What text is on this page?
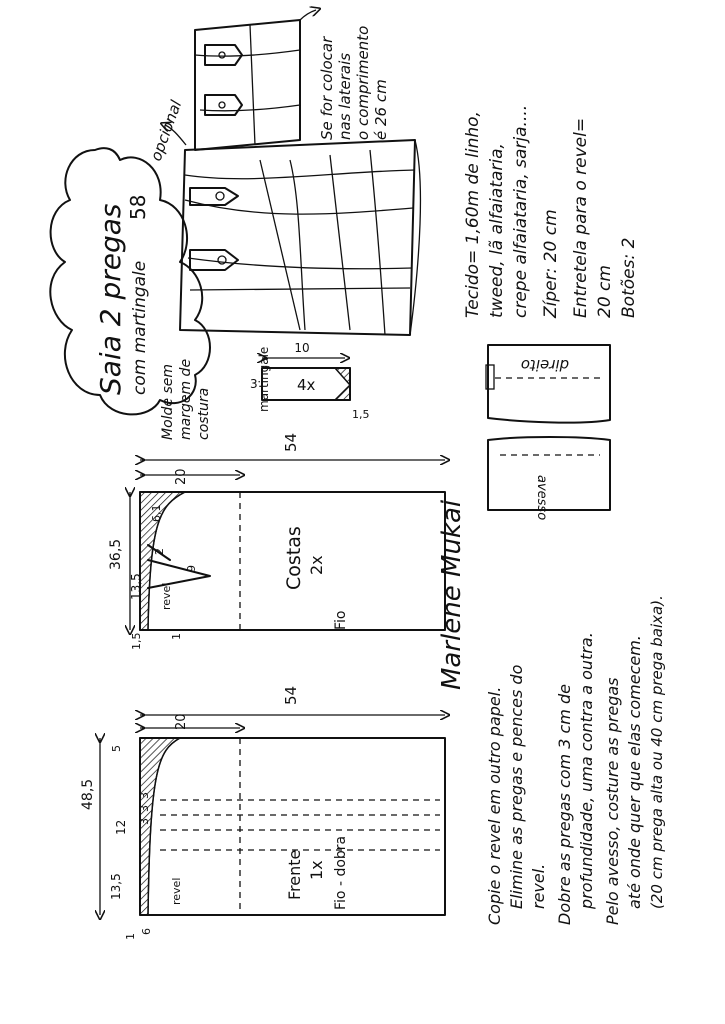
Saia 2 pregas com martingale
58
opcional	Se for colocar nas laterais o comprimento é 26 cm
Tecido= 1,60m de linho, tweed, lã alfaiataria, crepe alfaiataria, sarja.... Zíper: 20 cm Entretela para o revel= 20 cm Botões: 2
Molde sem margem de costura
10
3	4x
martingale
1,5
direito
avesso
54
20
36,5
13,5
1,5
2
6,1
9
1
revel
Costas 2x
Fio	Marlene Mukai
54
20
48,5
13,5
12 3
3
3
5
1
6
revel	Frente 1x Fio - dobra	Copie o revel em outro papel. Elimine as pregas e pences do revel. Dobre as pregas com 3 cm de profundidade, uma contra a outra. Pelo avesso, costure as pregas até onde quer que elas comecem. (20 cm prega alta ou 40 cm prega baixa).
